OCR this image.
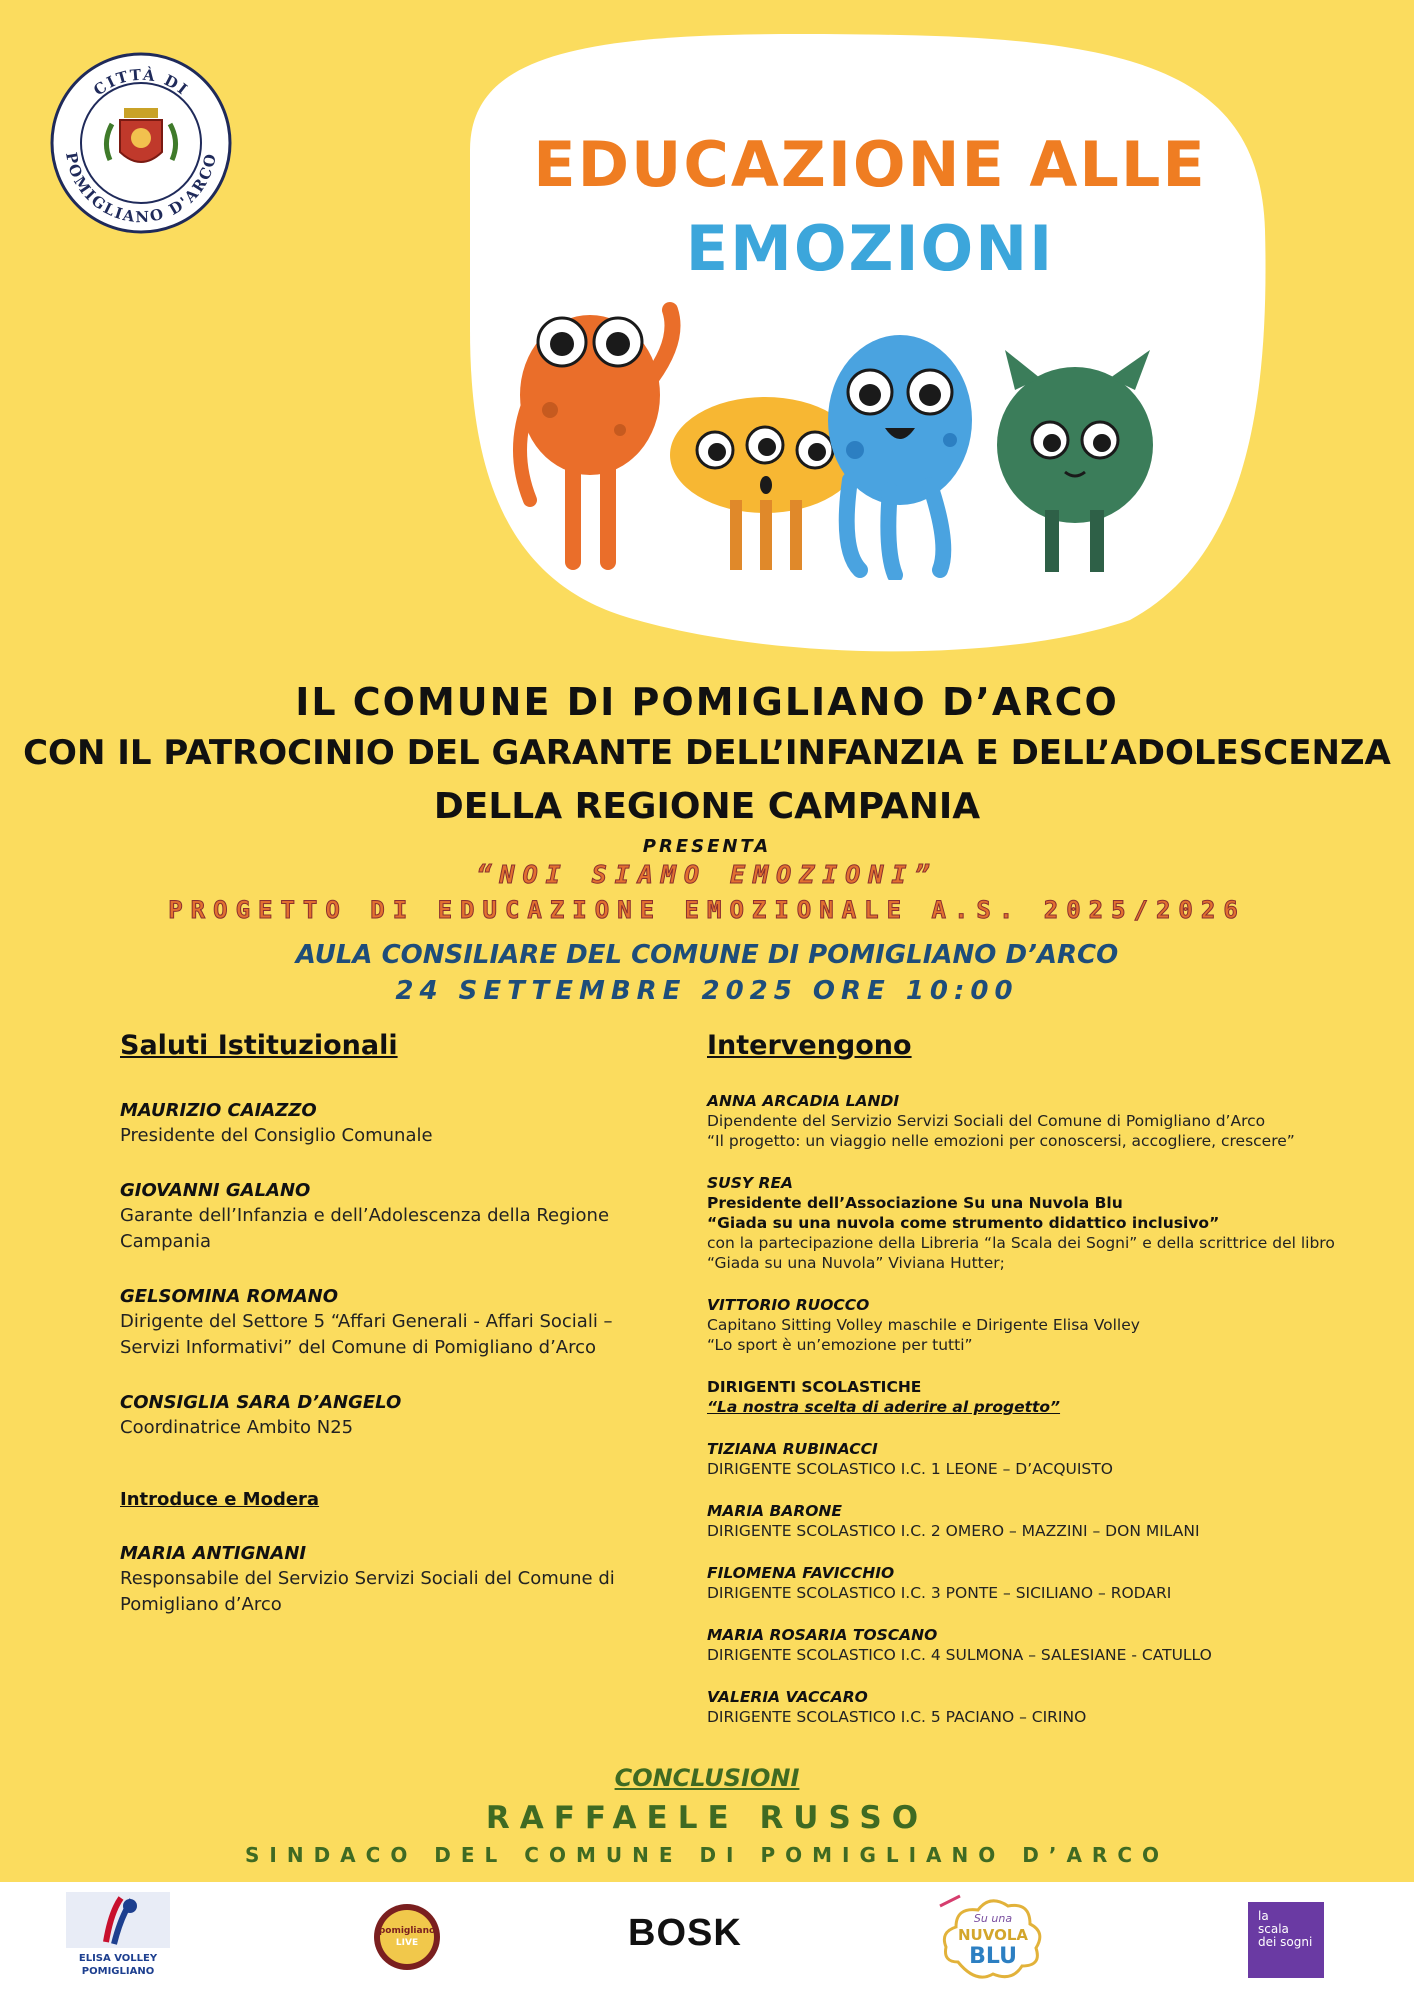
CITTÀ DI
POMIGLIANO D'ARCO	EDUCAZIONE ALLE
EMOZIONI
IL COMUNE DI POMIGLIANO D’ARCO
CON IL PATROCINIO DEL GARANTE DELL’INFANZIA E DELL’ADOLESCENZA
DELLA REGIONE CAMPANIA
PRESENTA
“NOI SIAMO EMOZIONI”
PROGETTO DI EDUCAZIONE EMOZIONALE A.S. 2025/2026
AULA CONSILIARE DEL COMUNE DI POMIGLIANO D’ARCO
24 SETTEMBRE 2025 ORE 10:00
Saluti Istituzionali
MAURIZIO CAIAZZO
Presidente del Consiglio Comunale
GIOVANNI GALANO
Garante dell’Infanzia e dell’Adolescenza della Regione Campania
GELSOMINA ROMANO
Dirigente del Settore 5 “Affari Generali - Affari Sociali – Servizi Informativi” del Comune di Pomigliano d’Arco
CONSIGLIA SARA D’ANGELO
Coordinatrice Ambito N25
Introduce e Modera
MARIA ANTIGNANI
Responsabile del Servizio Servizi Sociali del Comune di Pomigliano d’Arco
Intervengono
ANNA ARCADIA LANDI
Dipendente del Servizio Servizi Sociali del Comune di Pomigliano d’Arco
“Il progetto: un viaggio nelle emozioni per conoscersi, accogliere, crescere”
SUSY REA
Presidente dell’Associazione Su una Nuvola Blu
“Giada su una nuvola come strumento didattico inclusivo”
con la partecipazione della Libreria “la Scala dei Sogni” e della scrittrice del libro “Giada su una Nuvola” Viviana Hutter;
VITTORIO RUOCCO
Capitano Sitting Volley maschile e Dirigente Elisa Volley
“Lo sport è un’emozione per tutti”
DIRIGENTI SCOLASTICHE
“La nostra scelta di aderire al progetto”
TIZIANA RUBINACCI
DIRIGENTE SCOLASTICO I.C. 1 LEONE – D’ACQUISTO
MARIA BARONE
DIRIGENTE SCOLASTICO I.C. 2 OMERO – MAZZINI – DON MILANI
FILOMENA FAVICCHIO
DIRIGENTE SCOLASTICO I.C. 3 PONTE – SICILIANO – RODARI
MARIA ROSARIA TOSCANO
DIRIGENTE SCOLASTICO I.C. 4 SULMONA – SALESIANE - CATULLO
VALERIA VACCARO
DIRIGENTE SCOLASTICO I.C. 5 PACIANO – CIRINO
CONCLUSIONI
RAFFAELE RUSSO
SINDACO DEL COMUNE DI POMIGLIANO D’ARCO
ELISA VOLLEY
POMIGLIANO
pomigliano
LIVE	BOSK	Su una
NUVOLA
BLU
la
scala
dei sogni
